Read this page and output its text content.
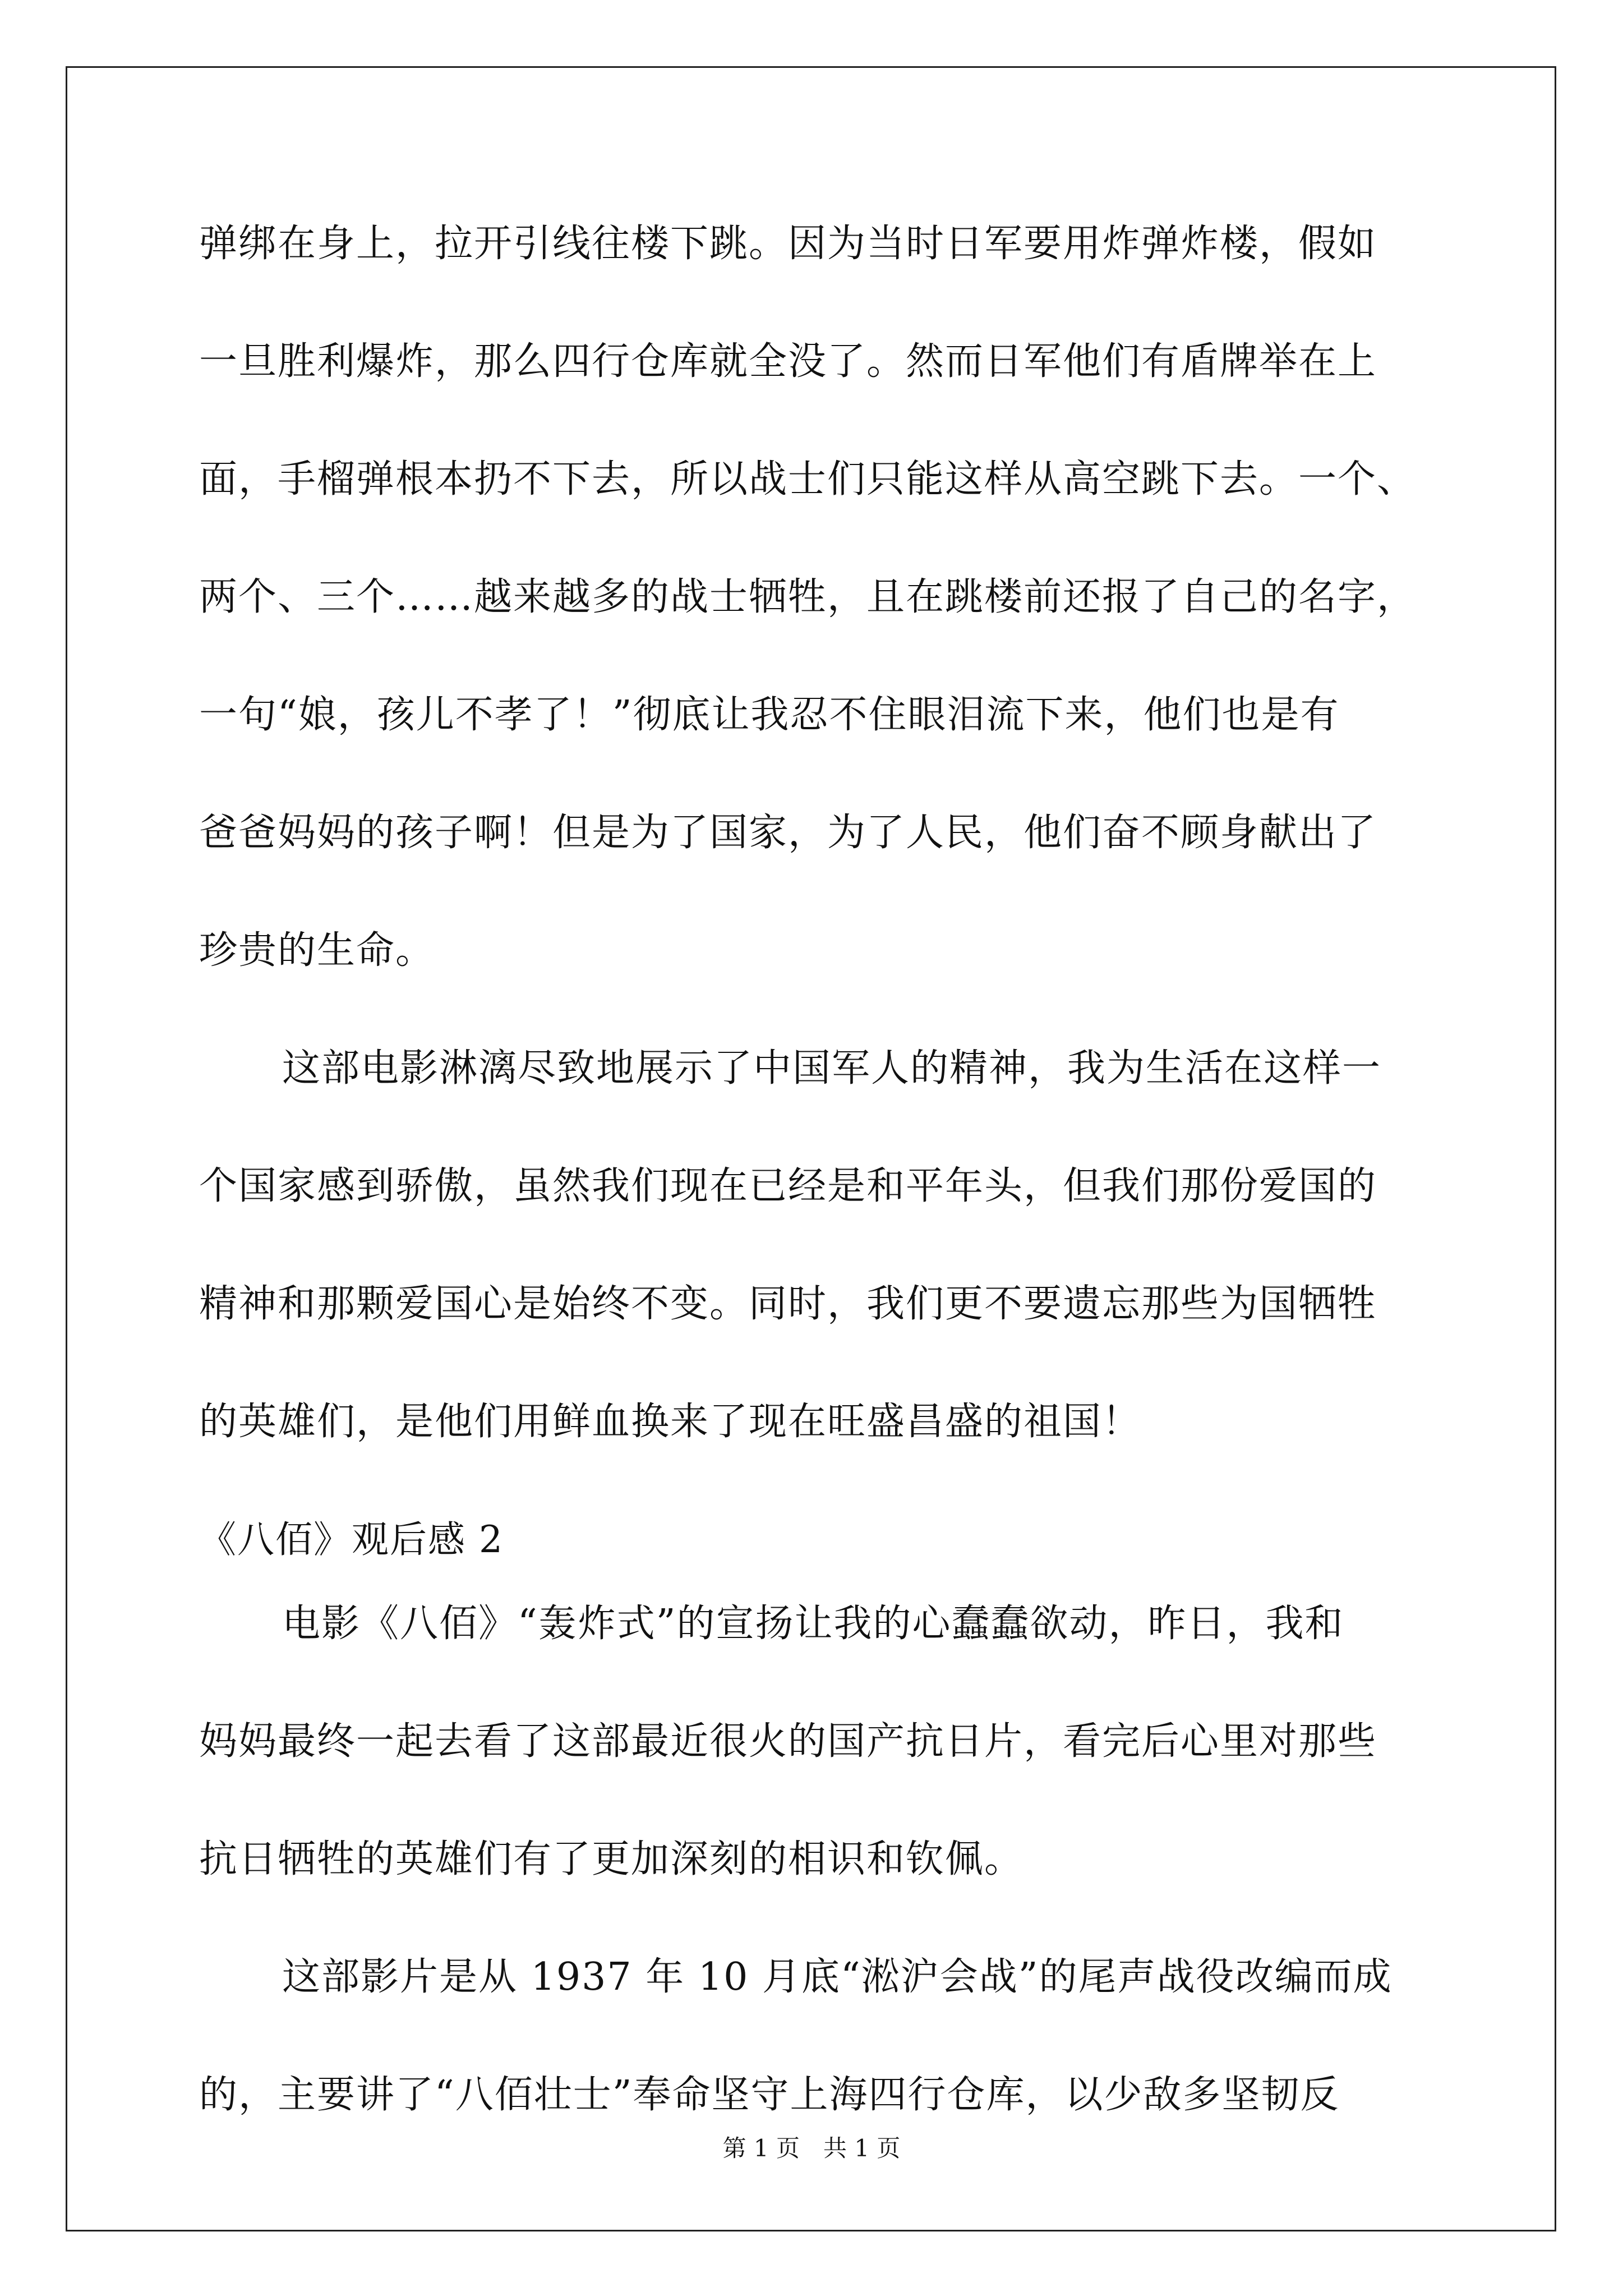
弹绑在身上，拉开引线往楼下跳。因为当时日军要用炸弹炸楼，假如
一旦胜利爆炸，那么四行仓库就全没了。然而日军他们有盾牌举在上
面，手榴弹根本扔不下去，所以战士们只能这样从高空跳下去。一个、
两个、三个……越来越多的战士牺牲，且在跳楼前还报了自己的名字，
一句“娘，孩儿不孝了！”彻底让我忍不住眼泪流下来，他们也是有
爸爸妈妈的孩子啊！但是为了国家，为了人民，他们奋不顾身献出了
珍贵的生命。
这部电影淋漓尽致地展示了中国军人的精神，我为生活在这样一
个国家感到骄傲，虽然我们现在已经是和平年头，但我们那份爱国的
精神和那颗爱国心是始终不变。同时，我们更不要遗忘那些为国牺牲
的英雄们，是他们用鲜血换来了现在旺盛昌盛的祖国！
《八佰》观后感 2
电影《八佰》“轰炸式”的宣扬让我的心蠢蠢欲动，昨日，我和
妈妈最终一起去看了这部最近很火的国产抗日片，看完后心里对那些
抗日牺牲的英雄们有了更加深刻的相识和钦佩。
这部影片是从 1937 年 10 月底“淞沪会战”的尾声战役改编而成
的，主要讲了“八佰壮士”奉命坚守上海四行仓库，以少敌多坚韧反
第 1 页　共 1 页
